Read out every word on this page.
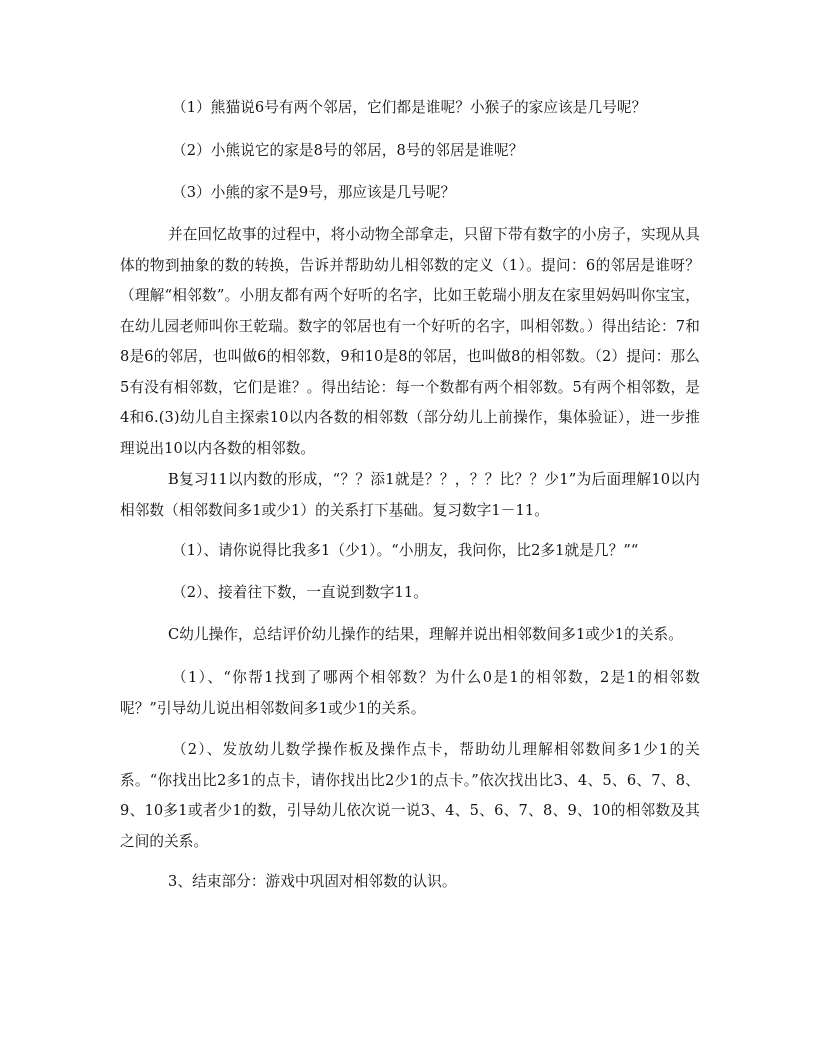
（1）熊猫说6号有两个邻居，它们都是谁呢？小猴子的家应该是几号呢？

（2）小熊说它的家是8号的邻居，8号的邻居是谁呢？

（3）小熊的家不是9号，那应该是几号呢？

并在回忆故事的过程中，将小动物全部拿走，只留下带有数字的小房子，实现从具体的物到抽象的数的转换，告诉并帮助幼儿相邻数的定义（1）。提问：6的邻居是谁呀？（理解“相邻数”。小朋友都有两个好听的名字，比如王乾瑞小朋友在家里妈妈叫你宝宝，在幼儿园老师叫你王乾瑞。数字的邻居也有一个好听的名字，叫相邻数。）得出结论：7和8是6的邻居，也叫做6的相邻数，9和10是8的邻居，也叫做8的相邻数。（2）提问：那么5有没有相邻数，它们是谁？。得出结论：每一个数都有两个相邻数。5有两个相邻数，是4和6.(3)幼儿自主探索10以内各数的相邻数（部分幼儿上前操作，集体验证），进一步推理说出10以内各数的相邻数。

B复习11以内数的形成，“？？添1就是？？，？？比？？少1”为后面理解10以内相邻数（相邻数间多1或少1）的关系打下基础。复习数字1－11。

（1）、请你说得比我多1（少1）。“小朋友，我问你，比2多1就是几？”“

（2）、接着往下数，一直说到数字11。

C幼儿操作，总结评价幼儿操作的结果，理解并说出相邻数间多1或少1的关系。

（1）、“你帮1找到了哪两个相邻数？为什么0是1的相邻数，2是1的相邻数呢？”引导幼儿说出相邻数间多1或少1的关系。

（2）、发放幼儿数学操作板及操作点卡，帮助幼儿理解相邻数间多1少1的关系。“你找出比2多1的点卡，请你找出比2少1的点卡。”依次找出比3、4、5、6、7、8、9、10多1或者少1的数，引导幼儿依次说一说3、4、5、6、7、8、9、10的相邻数及其之间的关系。

3、结束部分：游戏中巩固对相邻数的认识。
